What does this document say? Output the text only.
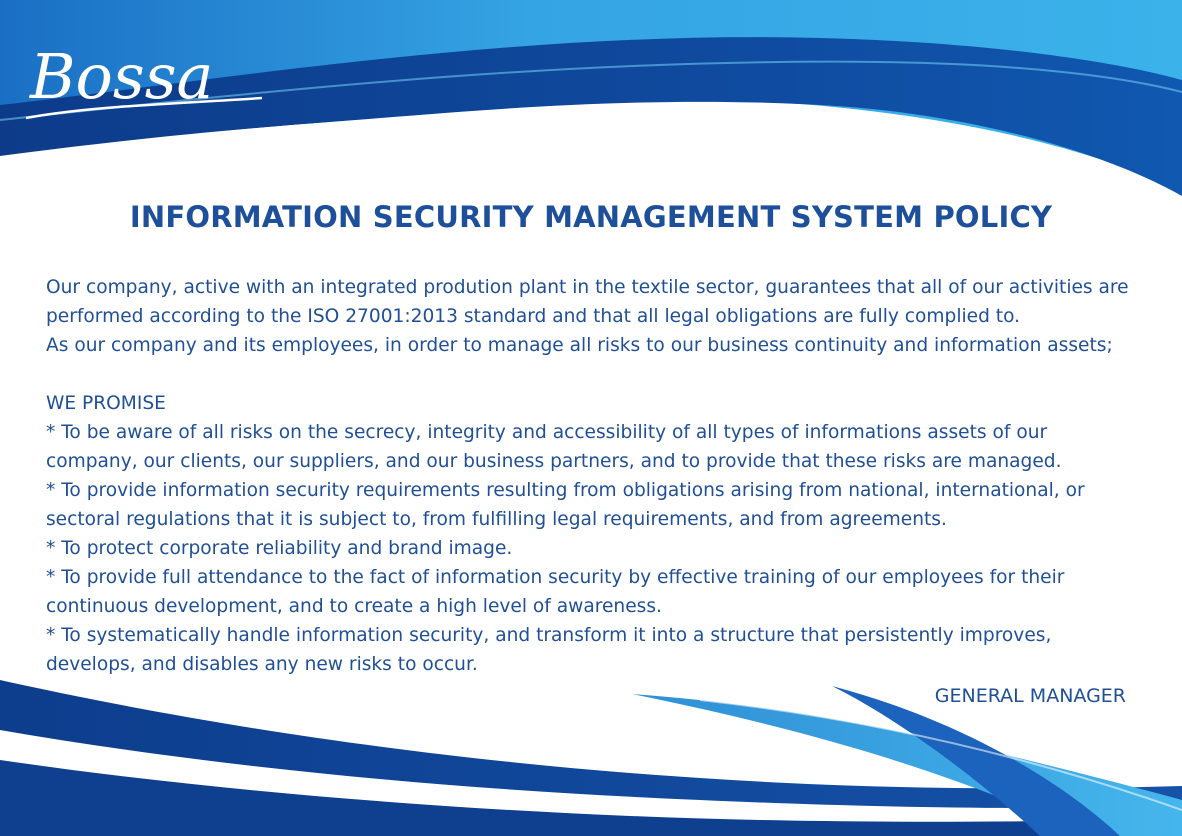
Bossa
INFORMATION SECURITY MANAGEMENT SYSTEM POLICY

Our company, active with an integrated prodution plant in the textile sector, guarantees that all of our activities are

performed according to the ISO 27001:2013 standard and that all legal obligations are fully complied to.

As our company and its employees, in order to manage all risks to our business continuity and information assets;

WE PROMISE

* To be aware of all risks on the secrecy, integrity and accessibility of all types of informations assets of our

company, our clients, our suppliers, and our business partners, and to provide that these risks are managed.

* To provide information security requirements resulting from obligations arising from national, international, or

sectoral regulations that it is subject to, from fulfilling legal requirements, and from agreements.

* To protect corporate reliability and brand image.

* To provide full attendance to the fact of information security by effective training of our employees for their

continuous development, and to create a high level of awareness.

* To systematically handle information security, and transform it into a structure that persistently improves,

develops, and disables any new risks to occur.

GENERAL MANAGER
